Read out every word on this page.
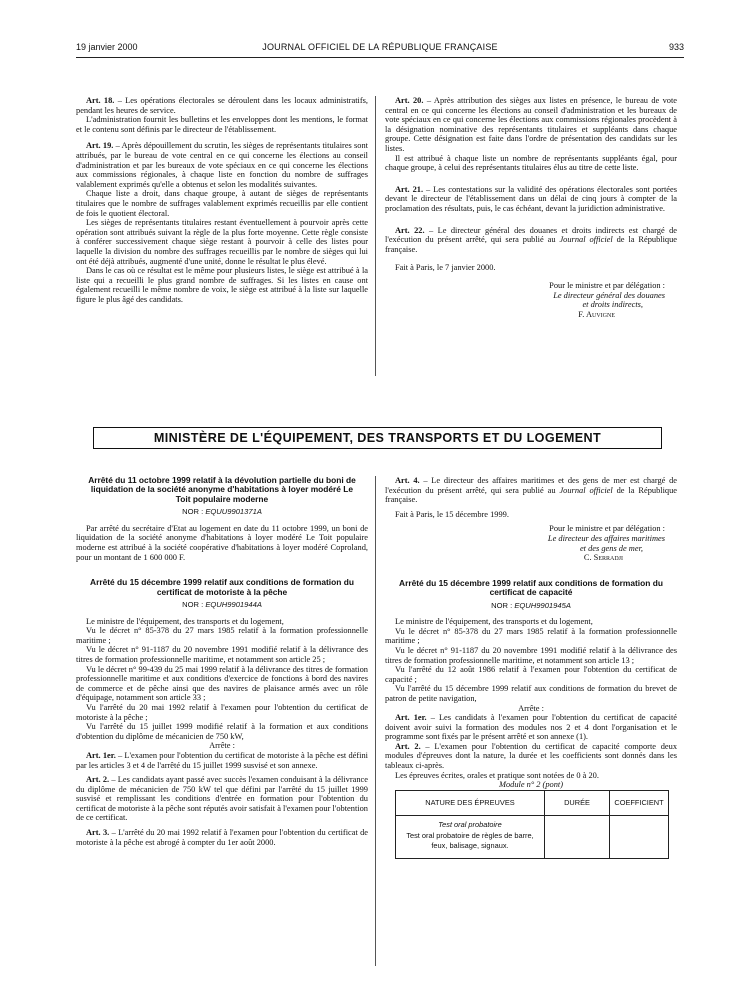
19 janvier 2000	JOURNAL OFFICIEL DE LA RÉPUBLIQUE FRANÇAISE	933

Art. 18. – Les opérations électorales se déroulent dans les locaux administratifs, pendant les heures de service.

L'administration fournit les bulletins et les enveloppes dont les mentions, le format et le contenu sont définis par le directeur de l'établissement.

Art. 19. – Après dépouillement du scrutin, les sièges de représentants titulaires sont attribués, par le bureau de vote central en ce qui concerne les élections au conseil d'administration et par les bureaux de vote spéciaux en ce qui concerne les élections aux commissions régionales, à chaque liste en fonction du nombre de suffrages valablement exprimés qu'elle a obtenus et selon les modalités suivantes.

Chaque liste a droit, dans chaque groupe, à autant de sièges de représentants titulaires que le nombre de suffrages valablement exprimés recueillis par elle contient de fois le quotient électoral.

Les sièges de représentants titulaires restant éventuellement à pourvoir après cette opération sont attribués suivant la règle de la plus forte moyenne. Cette règle consiste à conférer successivement chaque siège restant à pourvoir à celle des listes pour laquelle la division du nombre des suffrages recueillis par le nombre de sièges qui lui ont été déjà attribués, augmenté d'une unité, donne le résultat le plus élevé.

Dans le cas où ce résultat est le même pour plusieurs listes, le siège est attribué à la liste qui a recueilli le plus grand nombre de suffrages. Si les listes en cause ont également recueilli le même nombre de voix, le siège est attribué à la liste sur laquelle figure le plus âgé des candidats.

Art. 20. – Après attribution des sièges aux listes en présence, le bureau de vote central en ce qui concerne les élections au conseil d'administration et les bureaux de vote spéciaux en ce qui concerne les élections aux commissions régionales procèdent à la désignation nominative des représentants titulaires et suppléants dans chaque groupe. Cette désignation est faite dans l'ordre de présentation des candidats sur les listes.

Il est attribué à chaque liste un nombre de représentants suppléants égal, pour chaque groupe, à celui des représentants titulaires élus au titre de cette liste.

Art. 21. – Les contestations sur la validité des opérations électorales sont portées devant le directeur de l'établissement dans un délai de cinq jours à compter de la proclamation des résultats, puis, le cas échéant, devant la juridiction administrative.

Art. 22. – Le directeur général des douanes et droits indirects est chargé de l'exécution du présent arrêté, qui sera publié au Journal officiel de la République française.

Fait à Paris, le 7 janvier 2000.

Pour le ministre et par délégation :
Le directeur général des douanes
et droits indirects,
F. Auvigne
MINISTÈRE DE L'ÉQUIPEMENT, DES TRANSPORTS ET DU LOGEMENT
Arrêté du 11 octobre 1999 relatif à la dévolution partielle du boni de liquidation de la société anonyme d'habitations à loyer modéré Le Toit populaire moderne
NOR : EQUU9901371A

Par arrêté du secrétaire d'Etat au logement en date du 11 octobre 1999, un boni de liquidation de la société anonyme d'habitations à loyer modéré Le Toit populaire moderne est attribué à la société coopérative d'habitations à loyer modéré Coproland, pour un montant de 1 600 000 F.

Arrêté du 15 décembre 1999 relatif aux conditions de formation du certificat de motoriste à la pêche
NOR : EQUH9901944A

Le ministre de l'équipement, des transports et du logement,

Vu le décret n° 85-378 du 27 mars 1985 relatif à la formation professionnelle maritime ;

Vu le décret n° 91-1187 du 20 novembre 1991 modifié relatif à la délivrance des titres de formation professionnelle maritime, et notamment son article 25 ;

Vu le décret n° 99-439 du 25 mai 1999 relatif à la délivrance des titres de formation professionnelle maritime et aux conditions d'exercice de fonctions à bord des navires de commerce et de pêche ainsi que des navires de plaisance armés avec un rôle d'équipage, notamment son article 33 ;

Vu l'arrêté du 20 mai 1992 relatif à l'examen pour l'obtention du certificat de motoriste à la pêche ;

Vu l'arrêté du 15 juillet 1999 modifié relatif à la formation et aux conditions d'obtention du diplôme de mécanicien de 750 kW,

Arrête :

Art. 1er. – L'examen pour l'obtention du certificat de motoriste à la pêche est défini par les articles 3 et 4 de l'arrêté du 15 juillet 1999 susvisé et son annexe.

Art. 2. – Les candidats ayant passé avec succès l'examen conduisant à la délivrance du diplôme de mécanicien de 750 kW tel que défini par l'arrêté du 15 juillet 1999 susvisé et remplissant les conditions d'entrée en formation pour l'obtention du certificat de motoriste à la pêche sont réputés avoir satisfait à l'examen pour l'obtention de ce certificat.

Art. 3. – L'arrêté du 20 mai 1992 relatif à l'examen pour l'obtention du certificat de motoriste à la pêche est abrogé à compter du 1er août 2000.

Art. 4. – Le directeur des affaires maritimes et des gens de mer est chargé de l'exécution du présent arrêté, qui sera publié au Journal officiel de la République française.

Fait à Paris, le 15 décembre 1999.

Pour le ministre et par délégation :
Le directeur des affaires maritimes
et des gens de mer,
C. Serradji
Arrêté du 15 décembre 1999 relatif aux conditions de formation du certificat de capacité
NOR : EQUH9901945A

Le ministre de l'équipement, des transports et du logement,

Vu le décret n° 85-378 du 27 mars 1985 relatif à la formation professionnelle maritime ;

Vu le décret n° 91-1187 du 20 novembre 1991 modifié relatif à la délivrance des titres de formation professionnelle maritime, et notamment son article 13 ;

Vu l'arrêté du 12 août 1986 relatif à l'examen pour l'obtention du certificat de capacité ;

Vu l'arrêté du 15 décembre 1999 relatif aux conditions de formation du brevet de patron de petite navigation,

Arrête :

Art. 1er. – Les candidats à l'examen pour l'obtention du certificat de capacité doivent avoir suivi la formation des modules nos 2 et 4 dont l'organisation et le programme sont fixés par le présent arrêté et son annexe (1).

Art. 2. – L'examen pour l'obtention du certificat de capacité comporte deux modules d'épreuves dont la nature, la durée et les coefficients sont donnés dans les tableaux ci-après.

Les épreuves écrites, orales et pratique sont notées de 0 à 20.

Module n° 2 (pont)

NATURE DES ÉPREUVES	DURÉE	COEFFICIENT

Test oral probatoire
Test oral probatoire de règles de barre, feux, balisage, signaux.		
